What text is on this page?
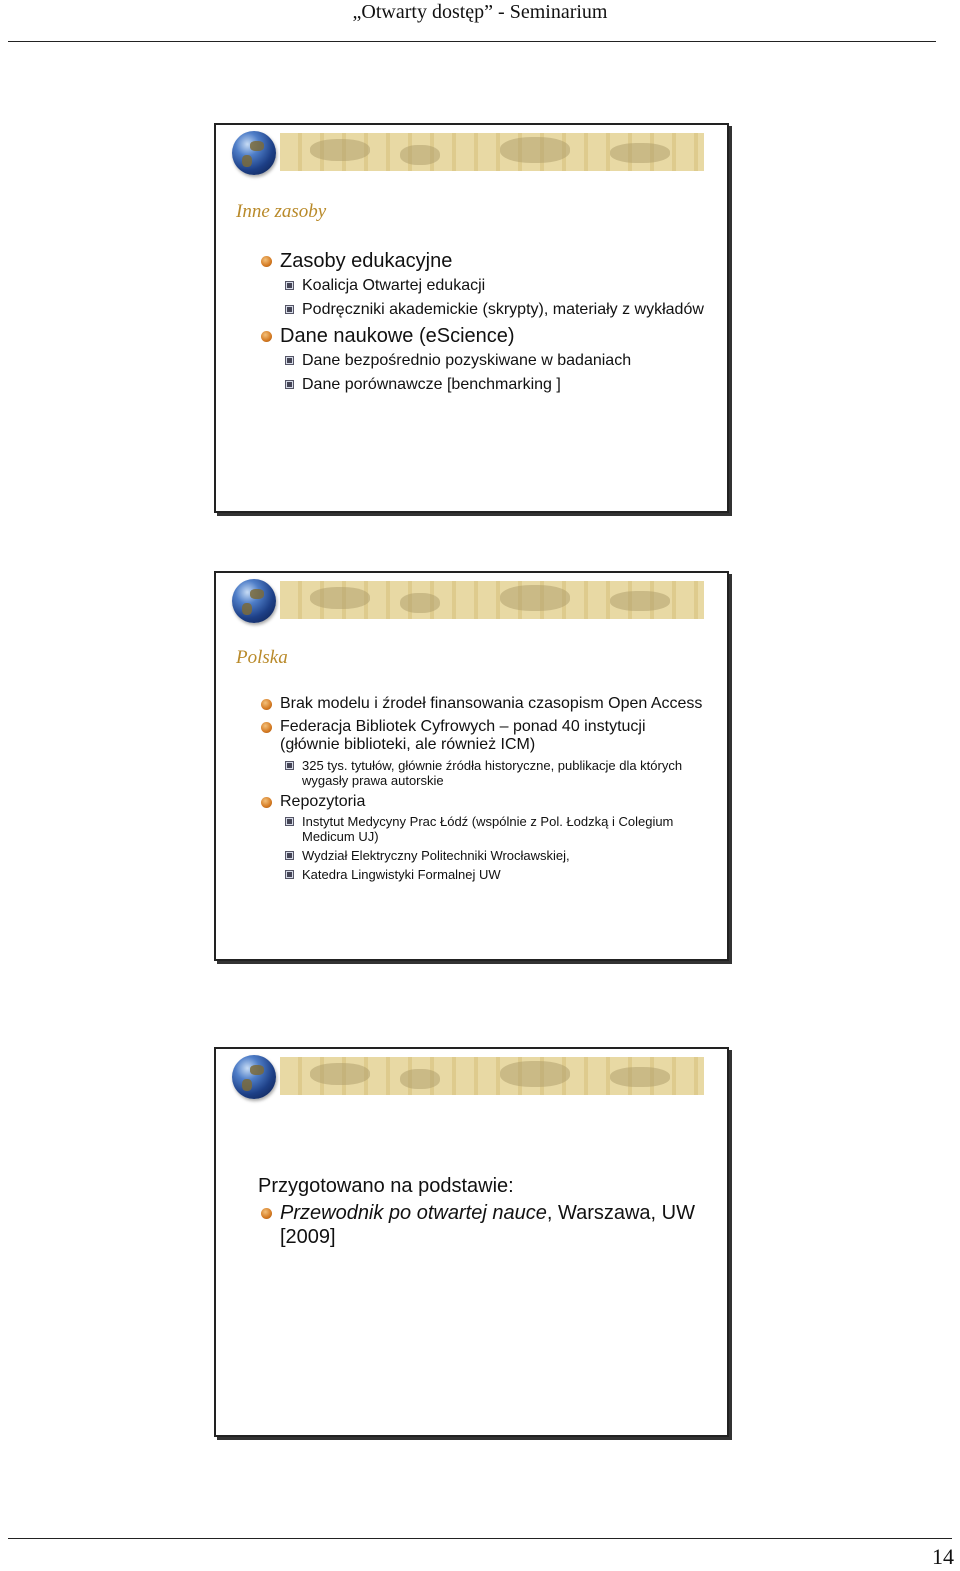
„Otwarty dostęp” - Seminarium
Inne zasoby
Zasoby edukacyjne
Koalicja Otwartej edukacji
Podręczniki akademickie (skrypty), materiały z wykładów
Dane naukowe (eScience)
Dane bezpośrednio pozyskiwane w badaniach
Dane porównawcze [benchmarking ]
Polska
Brak modelu i źrodeł finansowania czasopism Open Access
Federacja Bibliotek Cyfrowych – ponad 40 instytucji (głównie biblioteki, ale również ICM)
325 tys. tytułów, głównie źródła historyczne, publikacje dla których wygasły prawa autorskie
Repozytoria
Instytut Medycyny Prac Łódź (wspólnie z Pol. Łodzką i Colegium Medicum UJ)
Wydział Elektryczny Politechniki Wrocławskiej,
Katedra Lingwistyki Formalnej UW
Przygotowano na podstawie:
Przewodnik po otwartej nauce, Warszawa, UW [2009]
14
